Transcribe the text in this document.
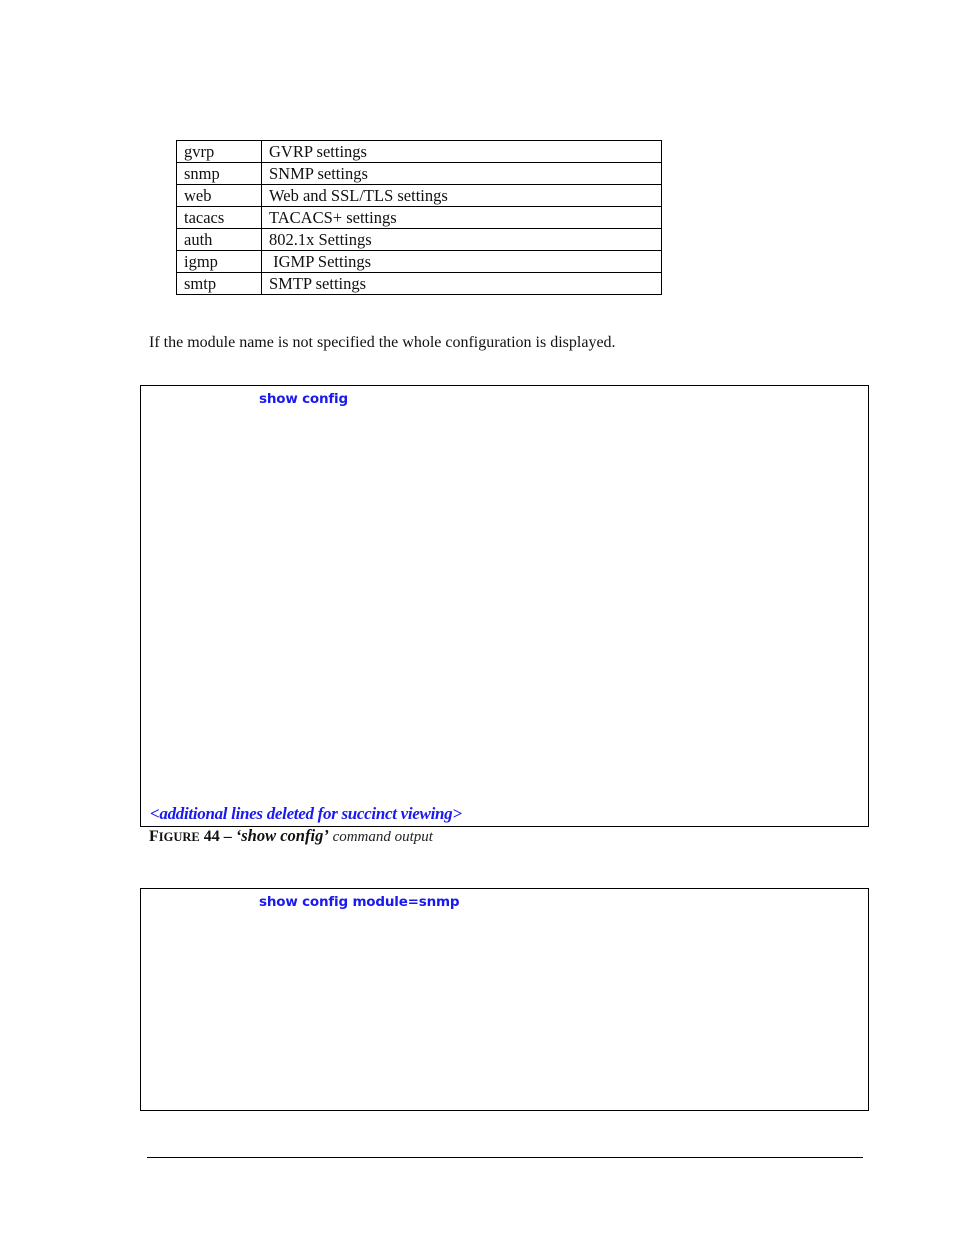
gvrp	GVRP settings
snmp	SNMP settings
web	Web and SSL/TLS settings
tacacs	TACACS+ settings
auth	802.1x Settings
igmp	IGMP Settings
smtp	SMTP settings

If the module name is not specified the whole configuration is displayed.

show config
<additional lines deleted for succinct viewing>
FIGURE 44 – ‘show config’ command output
show config module=snmp
